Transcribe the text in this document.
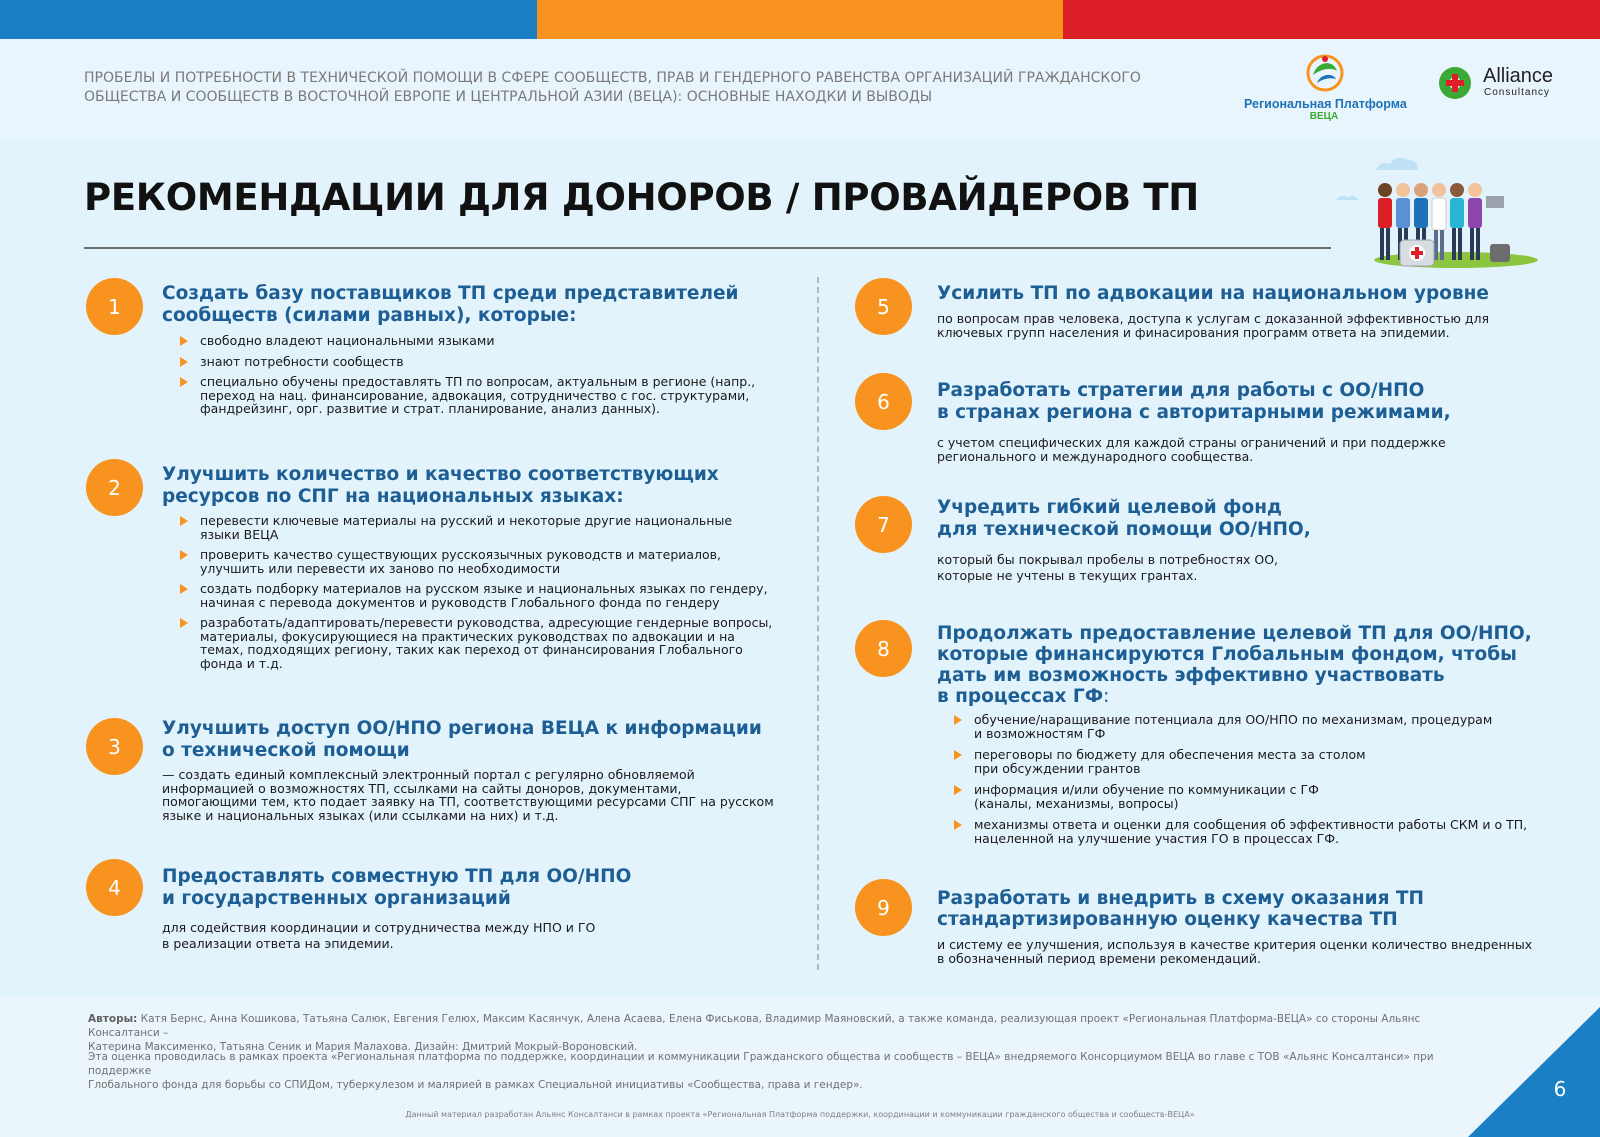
ПРОБЕЛЫ И ПОТРЕБНОСТИ В ТЕХНИЧЕСКОЙ ПОМОЩИ В СФЕРЕ СООБЩЕСТВ, ПРАВ И ГЕНДЕРНОГО РАВЕНСТВА ОРГАНИЗАЦИЙ ГРАЖДАНСКОГО ОБЩЕСТВА И СООБЩЕСТВ В ВОСТОЧНОЙ ЕВРОПЕ И ЦЕНТРАЛЬНОЙ АЗИИ (ВЕЦА): ОСНОВНЫЕ НАХОДКИ И ВЫВОДЫ	Региональная Платформа
ВЕЦА
Alliance
Consultancy
РЕКОМЕНДАЦИИ ДЛЯ ДОНОРОВ / ПРОВАЙДЕРОВ ТП
1
Создать базу поставщиков ТП среди представителей
сообществ (силами равных), которые:
свободно владеют национальными языками
знают потребности сообществ
специально обучены предоставлять ТП по вопросам, актуальным в регионе (напр.,
переход на нац. финансирование, адвокация, сотрудничество с гос. структурами,
фандрейзинг, орг. развитие и страт. планирование, анализ данных).
2
Улучшить количество и качество соответствующих
ресурсов по СПГ на национальных языках:
перевести ключевые материалы на русский и некоторые другие национальные
языки ВЕЦА
проверить качество существующих русскоязычных руководств и материалов,
улучшить или перевести их заново по необходимости
создать подборку материалов на русском языке и национальных языках по гендеру,
начиная с перевода документов и руководств Глобального фонда по гендеру
разработать/адаптировать/перевести руководства, адресующие гендерные вопросы,
материалы, фокусирующиеся на практических руководствах по адвокации и на
темах, подходящих региону, таких как переход от финансирования Глобального
фонда и т.д.
3
Улучшить доступ ОО/НПО региона ВЕЦА к информации
о технической помощи
— создать единый комплексный электронный портал с регулярно обновляемой
информацией о возможностях ТП, ссылками на сайты доноров, документами,
помогающими тем, кто подает заявку на ТП, соответствующими ресурсами СПГ на русском
языке и национальных языках (или ссылками на них) и т.д.
4	Предоставлять совместную ТП для ОО/НПО
и государственных организаций
для содействия координации и сотрудничества между НПО и ГО
в реализации ответа на эпидемии.
5
Усилить ТП по адвокации на национальном уровне
по вопросам прав человека, доступа к услугам с доказанной эффективностью для
ключевых групп населения и финасирования программ ответа на эпидемии.
6	Разработать стратегии для работы с ОО/НПО
в странах региона с авторитарными режимами,
с учетом специфических для каждой страны ограничений и при поддержке
регионального и международного сообщества.
7
Учредить гибкий целевой фонд
для технической помощи ОО/НПО,
который бы покрывал пробелы в потребностях ОО,
которые не учтены в текущих грантах.
8
Продолжать предоставление целевой ТП для ОО/НПО,
которые финансируются Глобальным фондом, чтобы
дать им возможность эффективно участвовать
в процессах ГФ:
обучение/наращивание потенциала для ОО/НПО по механизмам, процедурам
и возможностям ГФ
переговоры по бюджету для обеспечения места за столом
при обсуждении грантов
информация и/или обучение по коммуникации с ГФ
(каналы, механизмы, вопросы)
механизмы ответа и оценки для сообщения об эффективности работы СКМ и о ТП,
нацеленной на улучшение участия ГО в процессах ГФ.
9	Разработать и внедрить в схему оказания ТП
стандартизированную оценку качества ТП
и систему ее улучшения, используя в качестве критерия оценки количество внедренных
в обозначенный период времени рекомендаций.
Авторы: Катя Бернс, Анна Кошикова, Татьяна Салюк, Евгения Гелюх, Максим Касянчук, Алена Асаева, Елена Фиськова, Владимир Маяновский, а также команда, реализующая проект «Региональная Платформа-ВЕЦА» со стороны Альянс Консалтанси –
Катерина Максименко, Татьяна Сеник и Мария Малахова. Дизайн: Дмитрий Мокрый-Вороновский.
Эта оценка проводилась в рамках проекта «Региональная платформа по поддержке, координации и коммуникации Гражданского общества и сообществ – ВЕЦА» внедряемого Консорциумом ВЕЦА во главе с ТОВ «Альянс Консалтанси» при поддержке
Глобального фонда для борьбы со СПИДом, туберкулезом и малярией в рамках Специальной инициативы «Сообщества, права и гендер».
Данный материал разработан Альянс Консалтанси в рамках проекта «Региональная Платформа поддержки, координации и коммуникации гражданского общества и сообществ-ВЕЦА»
6
